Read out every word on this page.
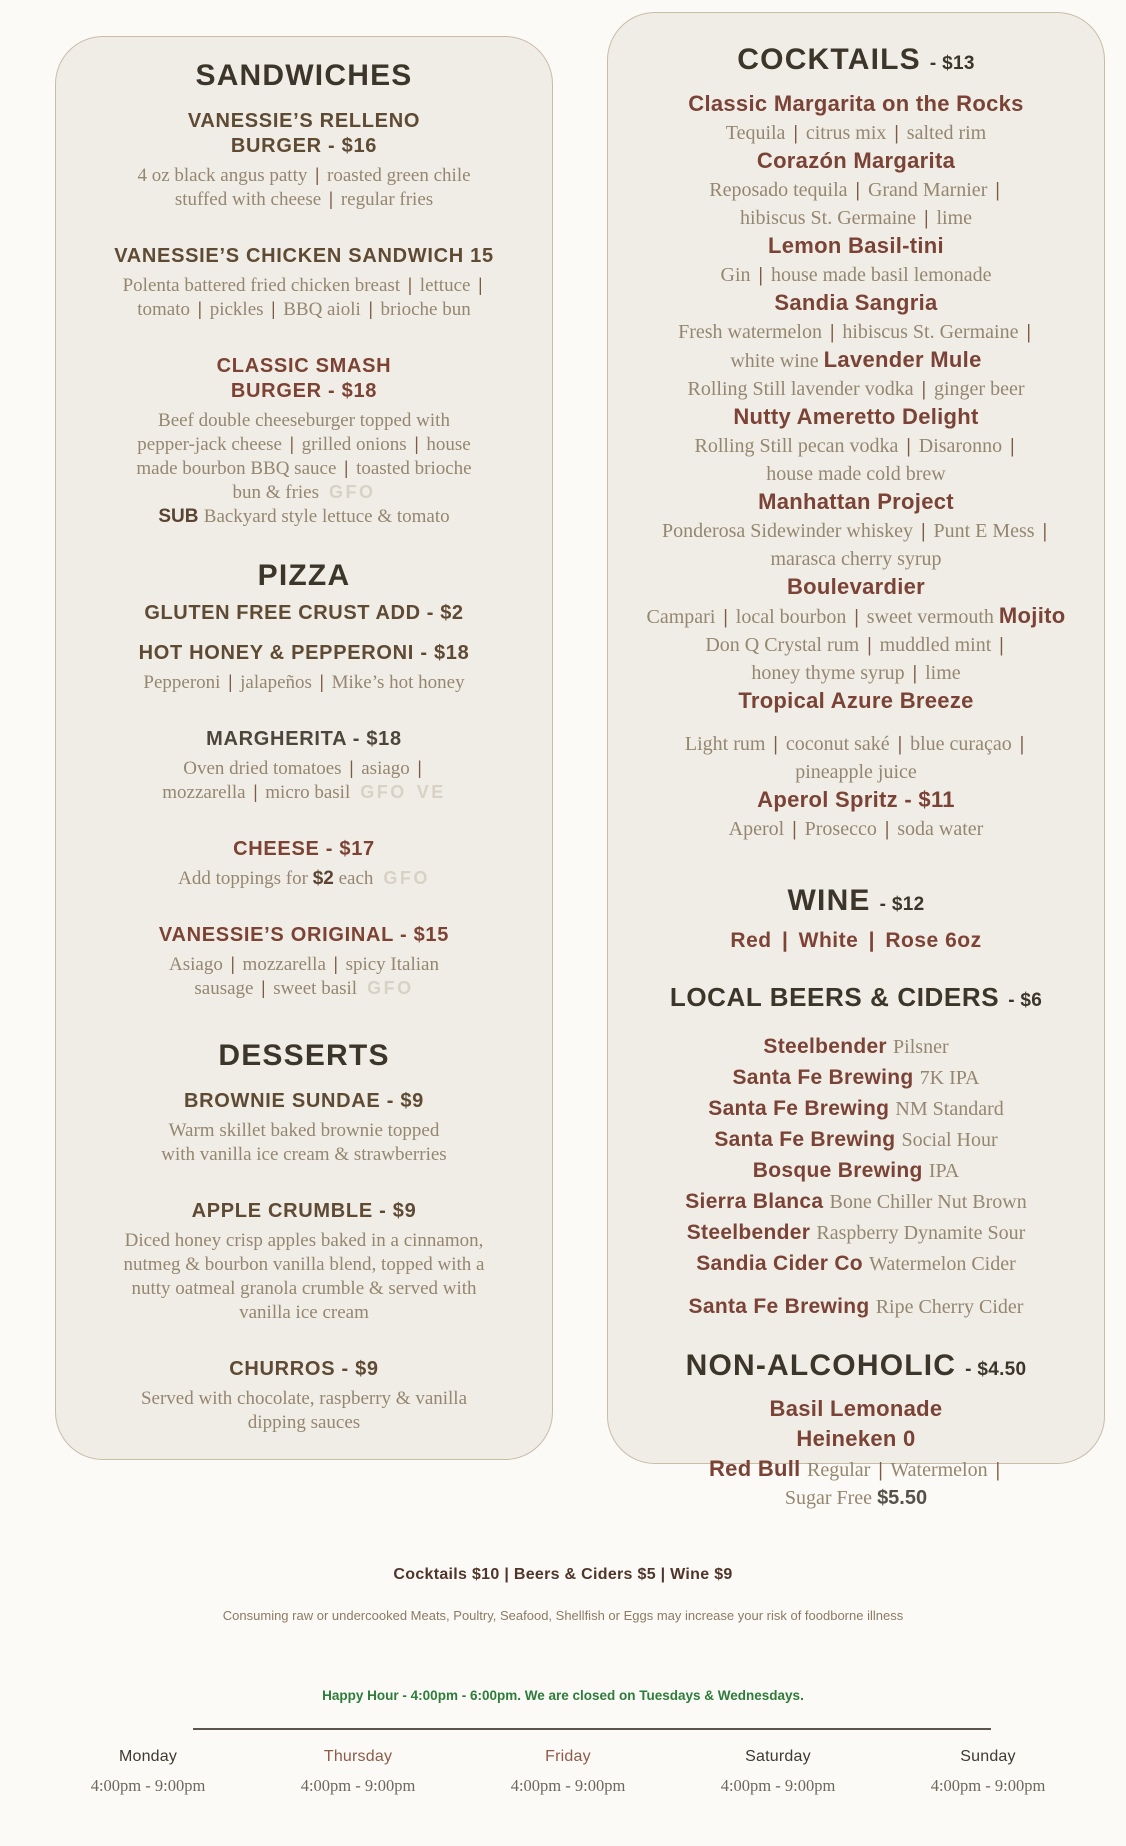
SANDWICHES
VANESSIE’S RELLENO
BURGER - $16
4 oz black angus patty | roasted green chile
stuffed with cheese | regular fries
VANESSIE’S CHICKEN SANDWICH 15
Polenta battered fried chicken breast | lettuce |
tomato | pickles | BBQ aioli | brioche bun
CLASSIC SMASH
BURGER - $18
Beef double cheeseburger topped with
pepper-jack cheese | grilled onions | house
made bourbon BBQ sauce | toasted brioche
bun & fries GFO
SUB Backyard style lettuce & tomato
PIZZA
GLUTEN FREE CRUST ADD - $2
HOT HONEY & PEPPERONI - $18
Pepperoni | jalapeños | Mike’s hot honey
MARGHERITA - $18
Oven dried tomatoes | asiago |
mozzarella | micro basil GFO VE
CHEESE - $17
Add toppings for $2 each GFO
VANESSIE’S ORIGINAL - $15
Asiago | mozzarella | spicy Italian
sausage | sweet basil GFO
DESSERTS
BROWNIE SUNDAE - $9
Warm skillet baked brownie topped
with vanilla ice cream & strawberries
APPLE CRUMBLE - $9
Diced honey crisp apples baked in a cinnamon,
nutmeg & bourbon vanilla blend, topped with a
nutty oatmeal granola crumble & served with
vanilla ice cream
CHURROS - $9
Served with chocolate, raspberry & vanilla
dipping sauces
COCKTAILS - $13
Classic Margarita on the Rocks
Tequila | citrus mix | salted rim
Corazón Margarita
Reposado tequila | Grand Marnier |
hibiscus St. Germaine | lime
Lemon Basil-tini
Gin | house made basil lemonade
Sandia Sangria
Fresh watermelon | hibiscus St. Germaine |
white wine Lavender Mule
Rolling Still lavender vodka | ginger beer
Nutty Ameretto Delight
Rolling Still pecan vodka | Disaronno |
house made cold brew
Manhattan Project
Ponderosa Sidewinder whiskey | Punt E Mess |
marasca cherry syrup
Boulevardier
Campari | local bourbon | sweet vermouth Mojito
Don Q Crystal rum | muddled mint |
honey thyme syrup | lime
Tropical Azure Breeze
Light rum | coconut saké | blue curaçao |
pineapple juice
Aperol Spritz - $11
Aperol | Prosecco | soda water
WINE - $12
Red | White | Rose 6oz
LOCAL BEERS & CIDERS - $6
Steelbender Pilsner
Santa Fe Brewing 7K IPA
Santa Fe Brewing NM Standard
Santa Fe Brewing Social Hour
Bosque Brewing IPA
Sierra Blanca Bone Chiller Nut Brown
Steelbender Raspberry Dynamite Sour
Sandia Cider Co Watermelon Cider
Santa Fe Brewing Ripe Cherry Cider
NON-ALCOHOLIC - $4.50
Basil Lemonade
Heineken 0
Red Bull Regular | Watermelon |
Sugar Free $5.50
Cocktails $10 | Beers & Ciders $5 | Wine $9
Consuming raw or undercooked Meats, Poultry, Seafood, Shellfish or Eggs may increase your risk of foodborne illness
Happy Hour - 4:00pm - 6:00pm. We are closed on Tuesdays & Wednesdays.
Monday
4:00pm - 9:00pm
Thursday
4:00pm - 9:00pm
Friday
4:00pm - 9:00pm
Saturday
4:00pm - 9:00pm
Sunday
4:00pm - 9:00pm
